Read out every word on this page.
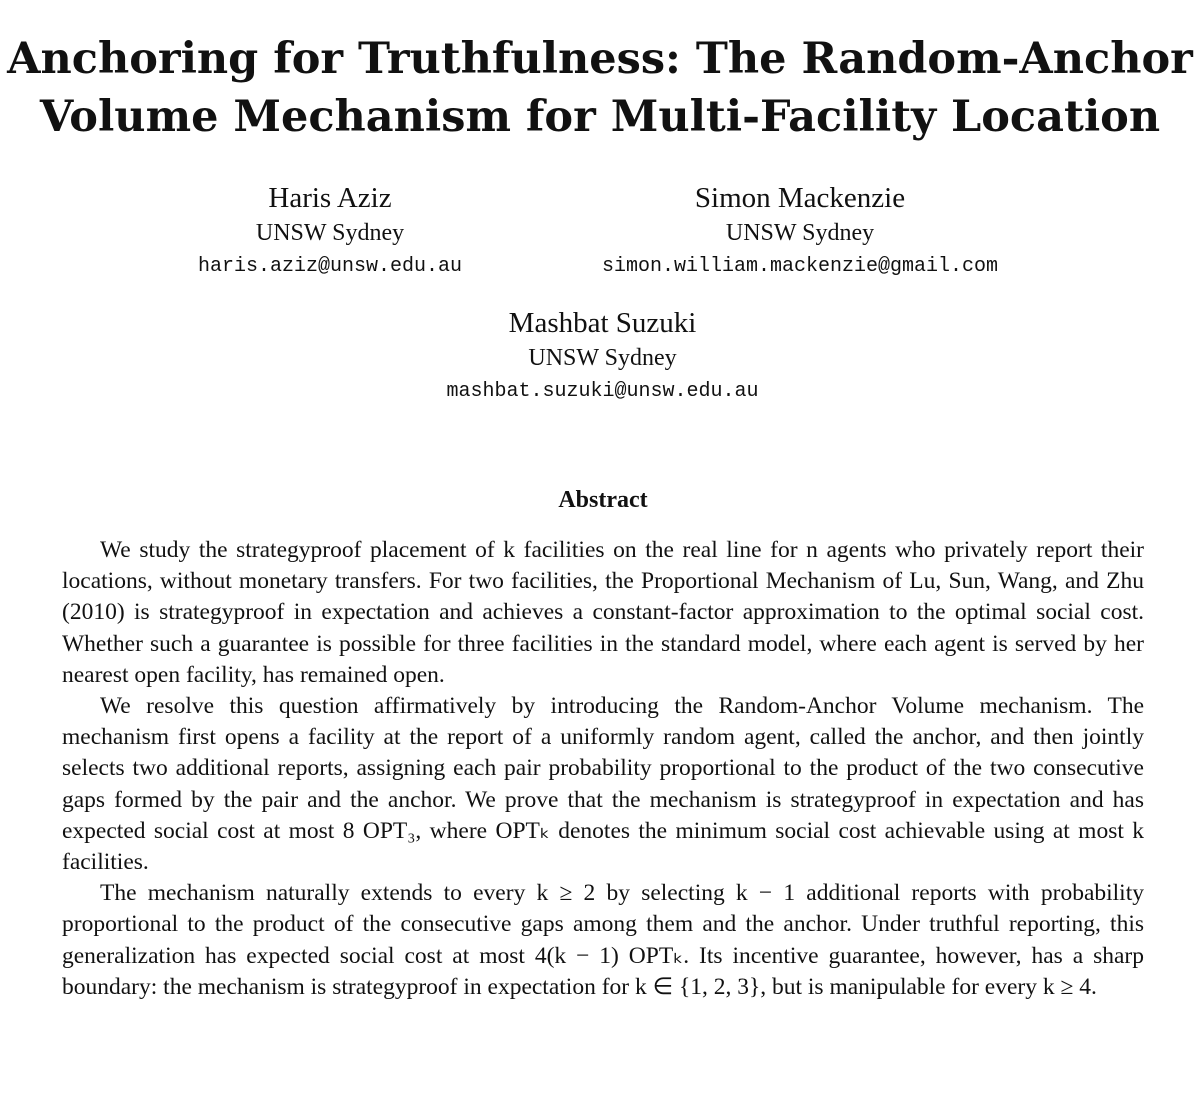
Anchoring for Truthfulness: The Random-Anchor
Volume Mechanism for Multi-Facility Location
Haris Aziz
UNSW Sydney
haris.aziz@unsw.edu.au
Simon Mackenzie
UNSW Sydney
simon.william.mackenzie@gmail.com
Mashbat Suzuki
UNSW Sydney
mashbat.suzuki@unsw.edu.au
Abstract

We study the strategyproof placement of k facilities on the real line for n agents who privately report their locations, without monetary transfers. For two facilities, the Proportional Mechanism of Lu, Sun, Wang, and Zhu (2010) is strategyproof in expectation and achieves a constant-factor approximation to the optimal social cost. Whether such a guarantee is possible for three facilities in the standard model, where each agent is served by her nearest open facility, has remained open.

We resolve this question affirmatively by introducing the Random-Anchor Volume mechanism. The mechanism first opens a facility at the report of a uniformly random agent, called the anchor, and then jointly selects two additional reports, assigning each pair probability proportional to the product of the two consecutive gaps formed by the pair and the anchor. We prove that the mechanism is strategyproof in expectation and has expected social cost at most 8 OPT₃, where OPTₖ denotes the minimum social cost achievable using at most k facilities.

The mechanism naturally extends to every k ≥ 2 by selecting k − 1 additional reports with probability proportional to the product of the consecutive gaps among them and the anchor. Under truthful reporting, this generalization has expected social cost at most 4(k − 1) OPTₖ. Its incentive guarantee, however, has a sharp boundary: the mechanism is strategyproof in expectation for k ∈ {1, 2, 3}, but is manipulable for every k ≥ 4.
